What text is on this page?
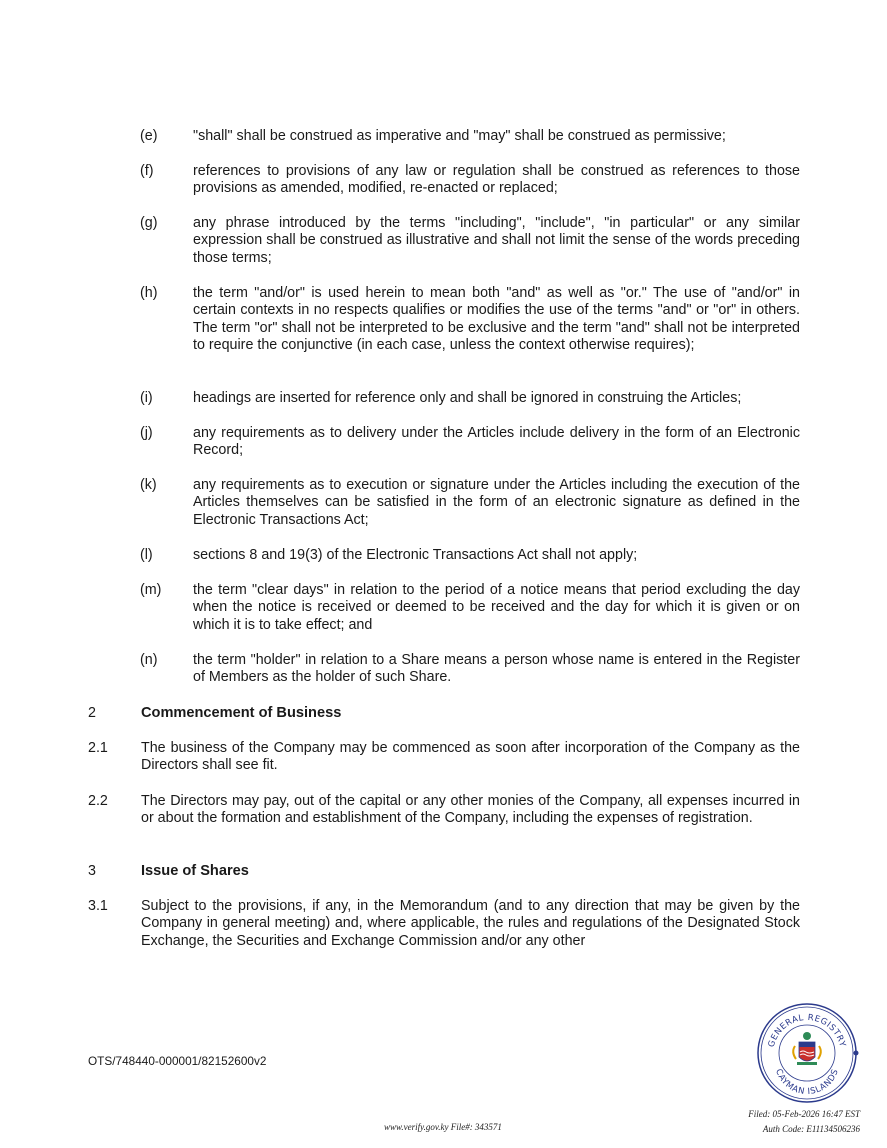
(e) "shall" shall be construed as imperative and "may" shall be construed as permissive;
(f)	references to provisions of any law or regulation shall be construed as references to those provisions as amended, modified, re-enacted or replaced;
(g) any phrase introduced by the terms "including", "include", "in particular" or any similar expression shall be construed as illustrative and shall not limit the sense of the words preceding those terms;
(h) the term "and/or" is used herein to mean both "and" as well as "or." The use of "and/or" in certain contexts in no respects qualifies or modifies the use of the terms "and" or "or" in others. The term "or" shall not be interpreted to be exclusive and the term "and" shall not be interpreted to require the conjunctive (in each case, unless the context otherwise requires);
(i)	headings are inserted for reference only and shall be ignored in construing the Articles;
(j)	any requirements as to delivery under the Articles include delivery in the form of an Electronic Record;
(k)	any requirements as to execution or signature under the Articles including the execution of the Articles themselves can be satisfied in the form of an electronic signature as defined in the Electronic Transactions Act;
(l)	sections 8 and 19(3) of the Electronic Transactions Act shall not apply;
(m) the term "clear days" in relation to the period of a notice means that period excluding the day when the notice is received or deemed to be received and the day for which it is given or on which it is to take effect; and
(n) the term "holder" in relation to a Share means a person whose name is entered in the Register of Members as the holder of such Share.
2	Commencement of Business
2.1 The business of the Company may be commenced as soon after incorporation of the Company as the Directors shall see fit.
2.2 The Directors may pay, out of the capital or any other monies of the Company, all expenses incurred in or about the formation and establishment of the Company, including the expenses of registration.
3	Issue of Shares
3.1 Subject to the provisions, if any, in the Memorandum (and to any direction that may be given by the Company in general meeting) and, where applicable, the rules and regulations of the Designated Stock Exchange, the Securities and Exchange Commission and/or any other
OTS/748440-000001/82152600v2
GENERAL REGISTRY
CAYMAN ISLANDS
Filed: 05-Feb-2026 16:47 EST
Auth Code: E11134506236
www.verify.gov.ky File#: 343571
